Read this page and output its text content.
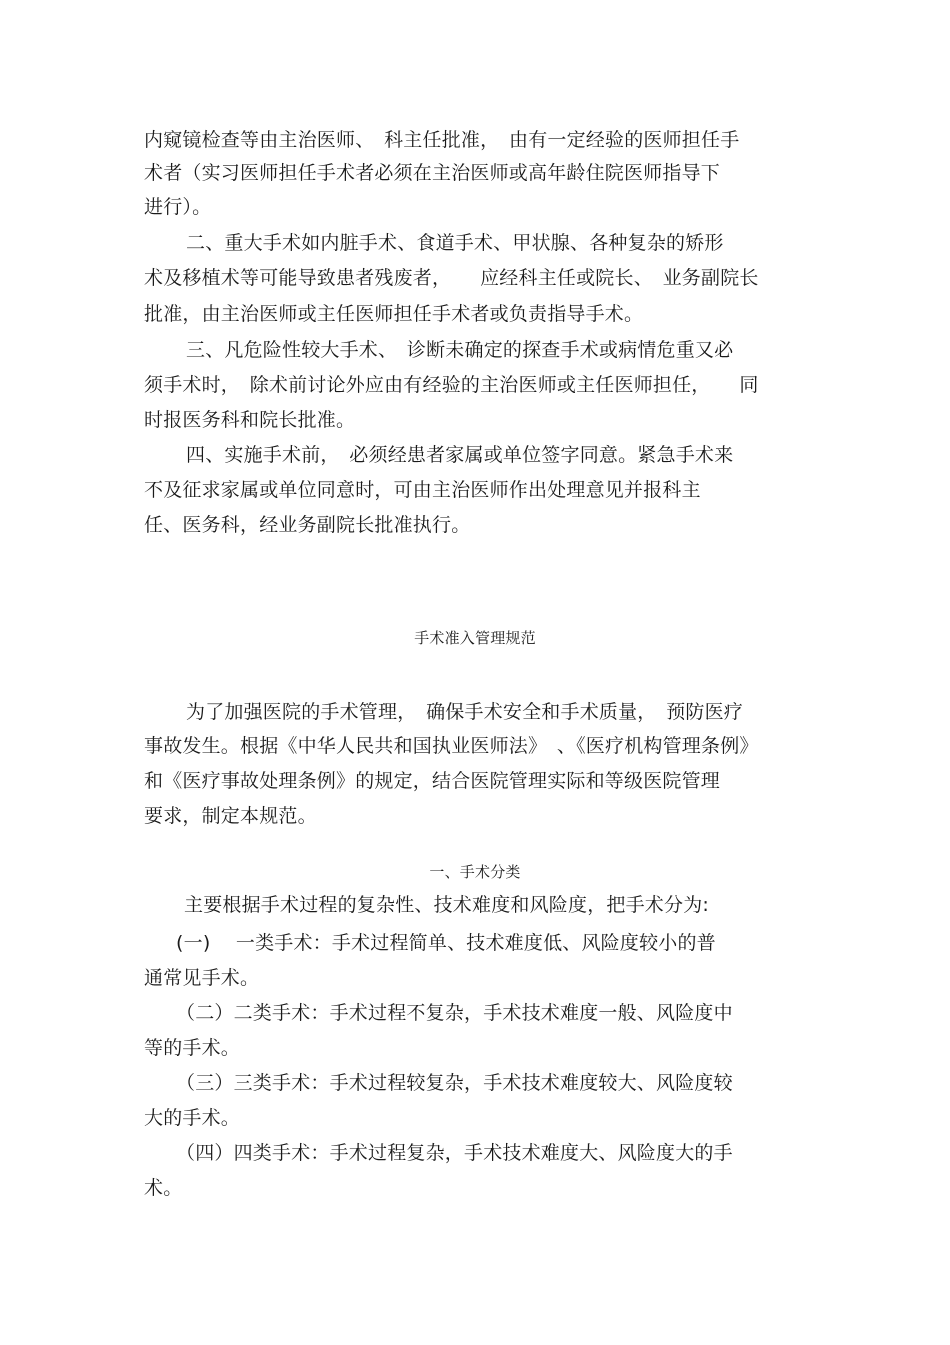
内窥镜检查等由主治医师、　科主任批准，　由有一定经验的医师担任手
术者（实习医师担任手术者必须在主治医师或高年龄住院医师指导下
进行）。
二、重大手术如内脏手术、食道手术、甲状腺、各种复杂的矫形
术及移植术等可能导致患者残废者，　　应经科主任或院长、　业务副院长
批准，由主治医师或主任医师担任手术者或负责指导手术。
三、凡危险性较大手术、　诊断未确定的探查手术或病情危重又必
须手术时，　除术前讨论外应由有经验的主治医师或主任医师担任，　　同
时报医务科和院长批准。
四、实施手术前，　必须经患者家属或单位签字同意。紧急手术来
不及征求家属或单位同意时，可由主治医师作出处理意见并报科主
任、医务科，经业务副院长批准执行。
手术准入管理规范
为了加强医院的手术管理，　确保手术安全和手术质量，　预防医疗
事故发生。根据《中华人民共和国执业医师法》　、《医疗机构管理条例》
和《医疗事故处理条例》的规定，结合医院管理实际和等级医院管理
要求，制定本规范。
一、手术分类
主要根据手术过程的复杂性、技术难度和风险度，把手术分为:
(一)　 一类手术：手术过程简单、技术难度低、风险度较小的普
通常见手术。
（二）二类手术：手术过程不复杂，手术技术难度一般、风险度中
等的手术。
（三）三类手术：手术过程较复杂，手术技术难度较大、风险度较
大的手术。
（四）四类手术：手术过程复杂，手术技术难度大、风险度大的手
术。
